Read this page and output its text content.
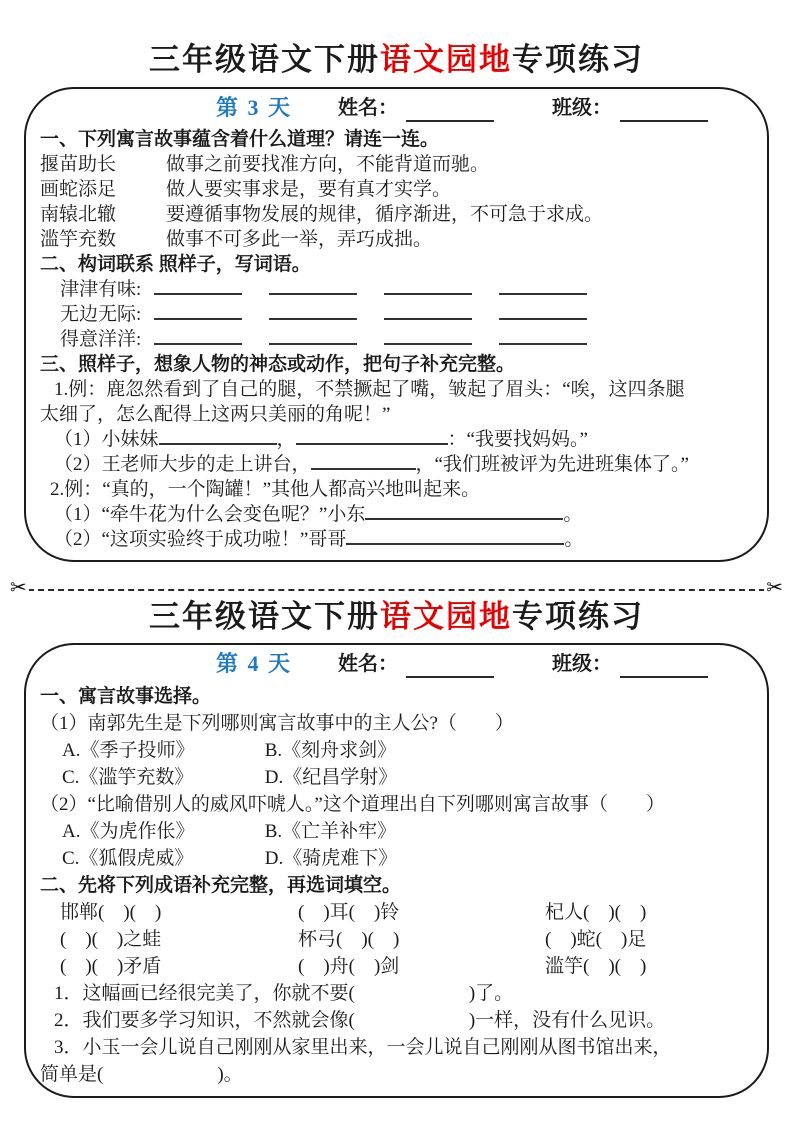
三年级语文下册语文园地专项练习
第 3 天 姓名：	班级：
一、下列寓言故事蕴含着什么道理？请连一连。
揠苗助长	做事之前要找准方向，不能背道而驰。
画蛇添足	做人要实事求是，要有真才实学。
南辕北辙	要遵循事物发展的规律，循序渐进，不可急于求成。
滥竽充数	做事不可多此一举，弄巧成拙。
二、构词联系 照样子，写词语。
津津有味:
无边无际:
得意洋洋:
三、照样子，想象人物的神态或动作，把句子补充完整。
1.例：鹿忽然看到了自己的腿，不禁撅起了嘴，皱起了眉头：“唉，这四条腿
太细了，怎么配得上这两只美丽的角呢！”
（1）小妹妹	，	：“我要找妈妈。”
（2）王老师大步的走上讲台，	，“我们班被评为先进班集体了。”
2.例：“真的，一个陶罐！”其他人都高兴地叫起来。
（1）“牵牛花为什么会变色呢？”小东	。
（2）“这项实验终于成功啦！”哥哥	。
✂	✂
三年级语文下册语文园地专项练习
第 4 天 姓名：	班级：
一、寓言故事选择。
（1）南郭先生是下列哪则寓言故事中的主人公?（　　）
A.《季子投师》	B.《刻舟求剑》
C.《滥竽充数》	D.《纪昌学射》
（2）“比喻借别人的威风吓唬人。”这个道理出自下列哪则寓言故事（　　）
A.《为虎作伥》	B.《亡羊补牢》
C.《狐假虎威》	D.《骑虎难下》
二、先将下列成语补充完整，再选词填空。
邯郸(　)(　)	(　)耳(　)铃	杞人(　)(　)
(　)(　)之蛙	杯弓(　)(　)	(　)蛇(　)足
(　)(　)矛盾	(　)舟(　)剑	滥竽(　)(　)
1．这幅画已经很完美了，你就不要(　　　　　　)了。
2．我们要多学习知识，不然就会像(　　　　　　)一样，没有什么见识。
3．小玉一会儿说自己刚刚从家里出来，一会儿说自己刚刚从图书馆出来，
简单是(　　　　　　)。
